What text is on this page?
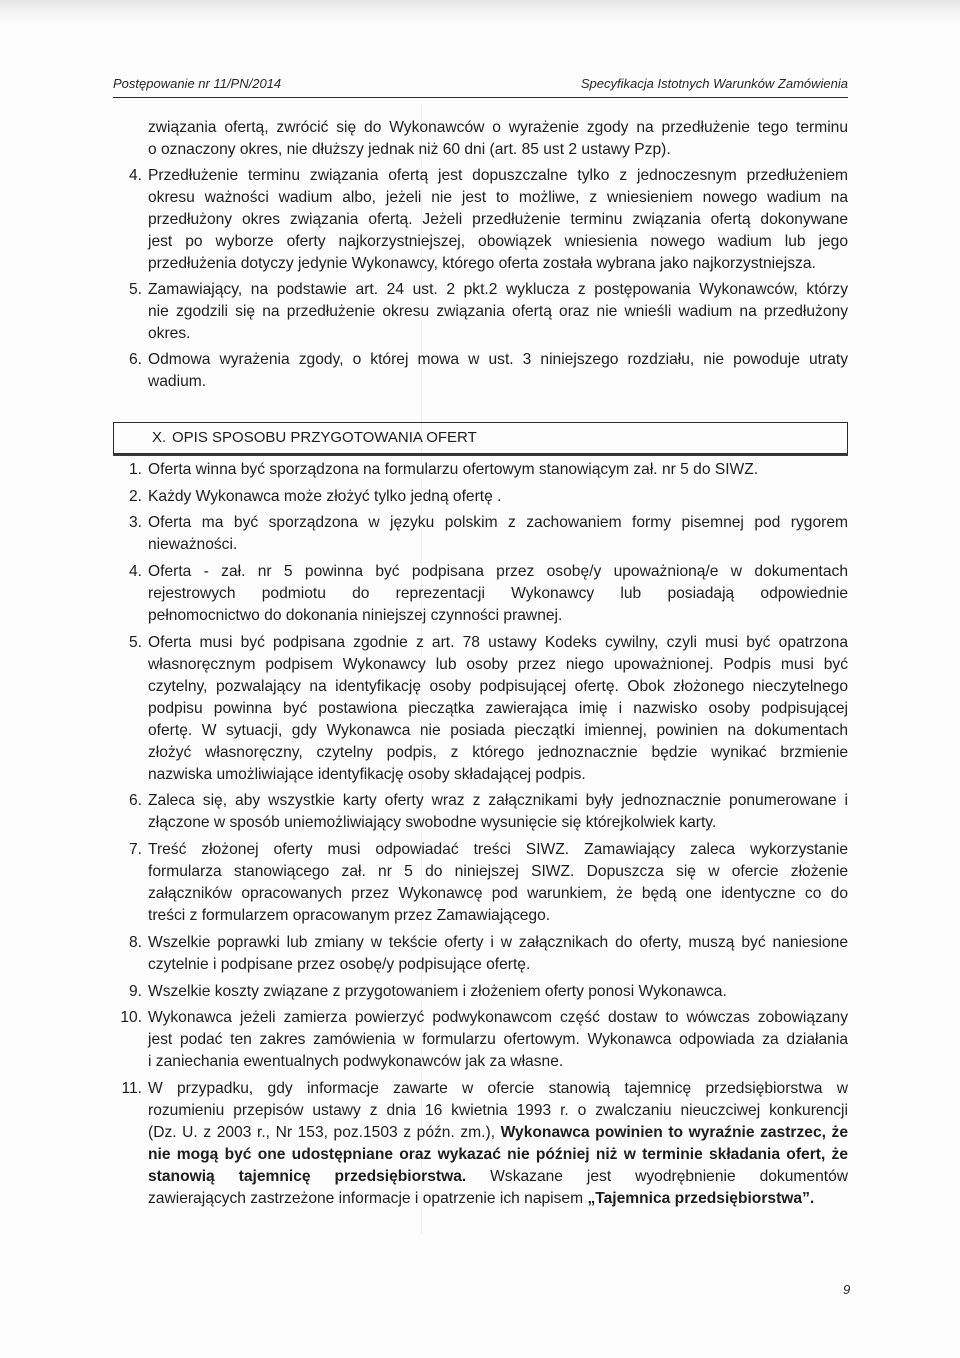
Postępowanie nr 11/PN/2014	Specyfikacja Istotnych Warunków Zamówienia
związania ofertą, zwrócić się do Wykonawców o wyrażenie zgody na przedłużenie tego terminu
o oznaczony okres, nie dłuższy jednak niż 60 dni (art. 85 ust 2 ustawy Pzp).
4. Przedłużenie terminu związania ofertą jest dopuszczalne tylko z jednoczesnym przedłużeniem
okresu ważności wadium albo, jeżeli nie jest to możliwe, z wniesieniem nowego wadium na
przedłużony okres związania ofertą. Jeżeli przedłużenie terminu związania ofertą dokonywane
jest po wyborze oferty najkorzystniejszej, obowiązek wniesienia nowego wadium lub jego
przedłużenia dotyczy jedynie Wykonawcy, którego oferta została wybrana jako najkorzystniejsza.
5. Zamawiający, na podstawie art. 24 ust. 2 pkt.2 wyklucza z postępowania Wykonawców, którzy
nie zgodzili się na przedłużenie okresu związania ofertą oraz nie wnieśli wadium na przedłużony
okres.
6. Odmowa wyrażenia zgody, o której mowa w ust. 3 niniejszego rozdziału, nie powoduje utraty
wadium.
X. OPIS SPOSOBU PRZYGOTOWANIA OFERT
1. Oferta winna być sporządzona na formularzu ofertowym stanowiącym zał. nr 5 do SIWZ.
2. Każdy Wykonawca może złożyć tylko jedną ofertę .
3. Oferta ma być sporządzona w języku polskim z zachowaniem formy pisemnej pod rygorem
nieważności.
4. Oferta - zał. nr 5 powinna być podpisana przez osobę/y upoważnioną/e w dokumentach
rejestrowych podmiotu do reprezentacji Wykonawcy lub posiadają odpowiednie
pełnomocnictwo do dokonania niniejszej czynności prawnej.
5. Oferta musi być podpisana zgodnie z art. 78 ustawy Kodeks cywilny, czyli musi być opatrzona
własnoręcznym podpisem Wykonawcy lub osoby przez niego upoważnionej. Podpis musi być
czytelny, pozwalający na identyfikację osoby podpisującej ofertę. Obok złożonego nieczytelnego
podpisu powinna być postawiona pieczątka zawierająca imię i nazwisko osoby podpisującej
ofertę. W sytuacji, gdy Wykonawca nie posiada pieczątki imiennej, powinien na dokumentach
złożyć własnoręczny, czytelny podpis, z którego jednoznacznie będzie wynikać brzmienie
nazwiska umożliwiające identyfikację osoby składającej podpis.
6. Zaleca się, aby wszystkie karty oferty wraz z załącznikami były jednoznacznie ponumerowane i
złączone w sposób uniemożliwiający swobodne wysunięcie się którejkolwiek karty.
7. Treść złożonej oferty musi odpowiadać treści SIWZ. Zamawiający zaleca wykorzystanie
formularza stanowiącego zał. nr 5 do niniejszej SIWZ. Dopuszcza się w ofercie złożenie
załączników opracowanych przez Wykonawcę pod warunkiem, że będą one identyczne co do
treści z formularzem opracowanym przez Zamawiającego.
8. Wszelkie poprawki lub zmiany w tekście oferty i w załącznikach do oferty, muszą być naniesione
czytelnie i podpisane przez osobę/y podpisujące ofertę.
9. Wszelkie koszty związane z przygotowaniem i złożeniem oferty ponosi Wykonawca.
10. Wykonawca jeżeli zamierza powierzyć podwykonawcom część dostaw to wówczas zobowiązany
jest podać ten zakres zamówienia w formularzu ofertowym. Wykonawca odpowiada za działania
i zaniechania ewentualnych podwykonawców jak za własne.
11. W przypadku, gdy informacje zawarte w ofercie stanowią tajemnicę przedsiębiorstwa w
rozumieniu przepisów ustawy z dnia 16 kwietnia 1993 r. o zwalczaniu nieuczciwej konkurencji
(Dz. U. z 2003 r., Nr 153, poz.1503 z późn. zm.), Wykonawca powinien to wyraźnie zastrzec, że
nie mogą być one udostępniane oraz wykazać nie później niż w terminie składania ofert, że
stanowią tajemnicę przedsiębiorstwa. Wskazane jest wyodrębnienie dokumentów
zawierających zastrzeżone informacje i opatrzenie ich napisem „Tajemnica przedsiębiorstwa”.
9
